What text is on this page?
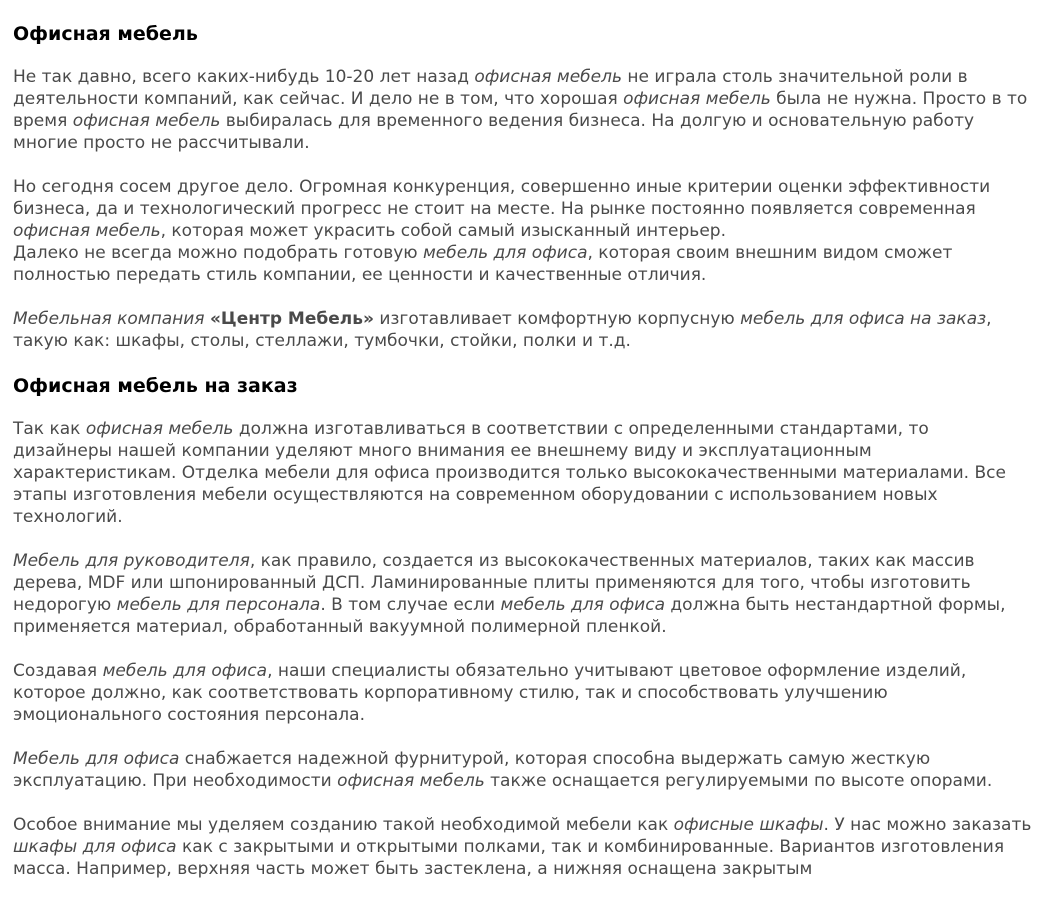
Офисная мебель

Не так давно, всего каких-нибудь 10-20 лет назад офисная мебель не играла столь значительной роли в деятельности компаний, как сейчас. И дело не в том, что хорошая офисная мебель была не нужна. Просто в то время офисная мебель выбиралась для временного ведения бизнеса. На долгую и основательную работу многие просто не рассчитывали.

Но сегодня сосем другое дело. Огромная конкуренция, совершенно иные критерии оценки эффективности бизнеса, да и технологический прогресс не стоит на месте. На рынке постоянно появляется современная офисная мебель, которая может украсить собой самый изысканный интерьер.

Далеко не всегда можно подобрать готовую мебель для офиса, которая своим внешним видом сможет полностью передать стиль компании, ее ценности и качественные отличия.

Мебельная компания «Центр Мебель» изготавливает комфортную корпусную мебель для офиса на заказ, такую как: шкафы, столы, стеллажи, тумбочки, стойки, полки и т.д.

Офисная мебель на заказ

Так как офисная мебель должна изготавливаться в соответствии с определенными стандартами, то дизайнеры нашей компании уделяют много внимания ее внешнему виду и эксплуатационным характеристикам. Отделка мебели для офиса производится только высококачественными материалами. Все этапы изготовления мебели осуществляются на современном оборудовании с использованием новых технологий.

Мебель для руководителя, как правило, создается из высококачественных материалов, таких как массив дерева, MDF или шпонированный ДСП. Ламинированные плиты применяются для того, чтобы изготовить недорогую мебель для персонала. В том случае если мебель для офиса должна быть нестандартной формы, применяется материал, обработанный вакуумной полимерной пленкой.

Создавая мебель для офиса, наши специалисты обязательно учитывают цветовое оформление изделий, которое должно, как соответствовать корпоративному стилю, так и способствовать улучшению эмоционального состояния персонала.

Мебель для офиса снабжается надежной фурнитурой, которая способна выдержать самую жесткую эксплуатацию. При необходимости офисная мебель также оснащается регулируемыми по высоте опорами.

Особое внимание мы уделяем созданию такой необходимой мебели как офисные шкафы. У нас можно заказать шкафы для офиса как с закрытыми и открытыми полками, так и комбинированные. Вариантов изготовления масса. Например, верхняя часть может быть застеклена, а нижняя оснащена закрытым
